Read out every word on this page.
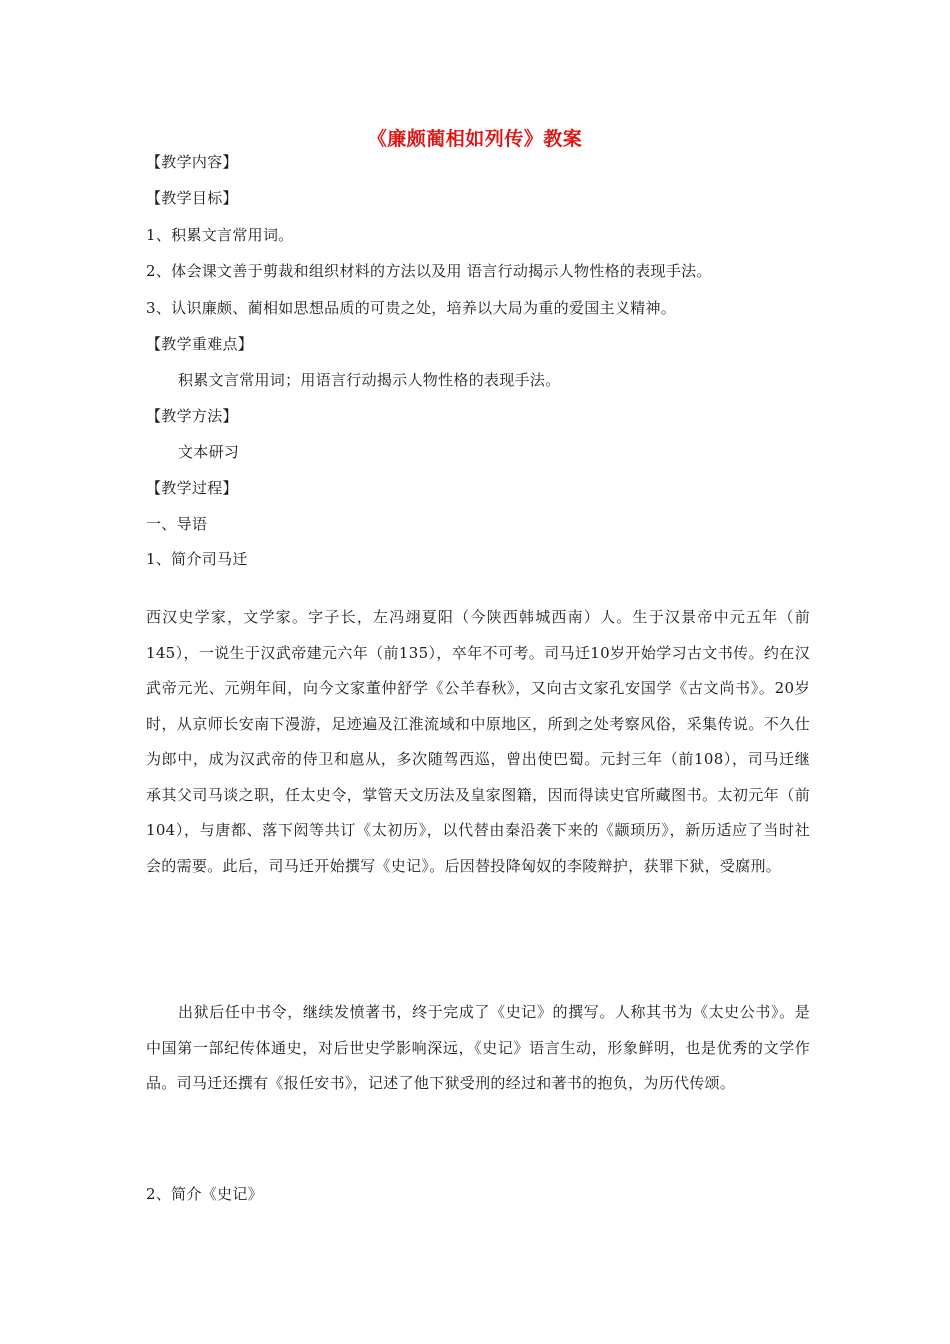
《廉颇蔺相如列传》教案
【教学内容】
【教学目标】
1、积累文言常用词。
2、体会课文善于剪裁和组织材料的方法以及用 语言行动揭示人物性格的表现手法。
3、认识廉颇、蔺相如思想品质的可贵之处，培养以大局为重的爱国主义精神。
【教学重难点】
积累文言常用词；用语言行动揭示人物性格的表现手法。
【教学方法】
文本研习
【教学过程】
一、导语
1、简介司马迁

西汉史学家，文学家。字子长，左冯翊夏阳（今陕西韩城西南）人。生于汉景帝中元五年（前145），一说生于汉武帝建元六年（前135），卒年不可考。司马迁10岁开始学习古文书传。约在汉武帝元光、元朔年间，向今文家董仲舒学《公羊春秋》，又向古文家孔安国学《古文尚书》。20岁时，从京师长安南下漫游，足迹遍及江淮流域和中原地区，所到之处考察风俗，采集传说。不久仕为郎中，成为汉武帝的侍卫和扈从，多次随驾西巡，曾出使巴蜀。元封三年（前108），司马迁继承其父司马谈之职，任太史令，掌管天文历法及皇家图籍，因而得读史官所藏图书。太初元年（前104），与唐都、落下闳等共订《太初历》，以代替由秦沿袭下来的《颛顼历》，新历适应了当时社会的需要。此后，司马迁开始撰写《史记》。后因替投降匈奴的李陵辩护，获罪下狱，受腐刑。

出狱后任中书令，继续发愤著书，终于完成了《史记》的撰写。人称其书为《太史公书》。是中国第一部纪传体通史，对后世史学影响深远，《史记》语言生动，形象鲜明，也是优秀的文学作品。司马迁还撰有《报任安书》，记述了他下狱受刑的经过和著书的抱负，为历代传颂。

2、简介《史记》
